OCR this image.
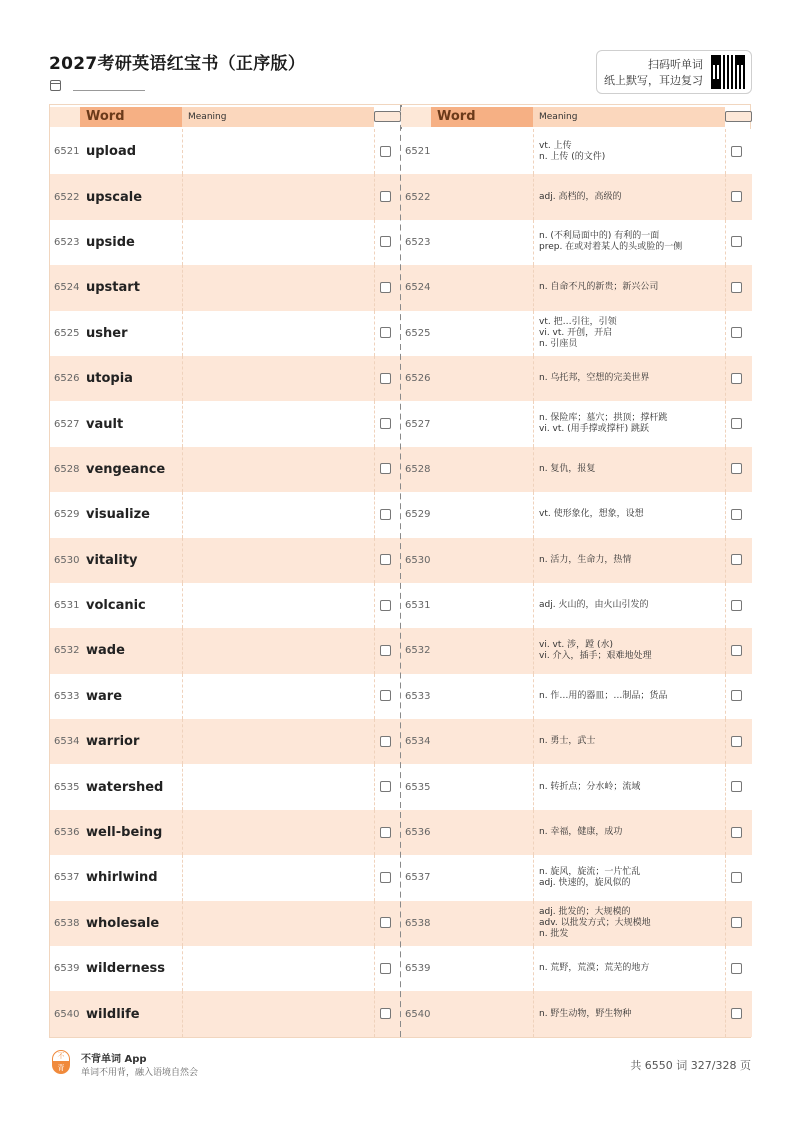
2027考研英语红宝书（正序版）	扫码听单词
纸上默写，耳边复习
Word	Meaning
6521 upload
6522 upscale
6523 upside
6524 upstart
6525 usher
6526 utopia
6527 vault
6528 vengeance
6529 visualize
6530 vitality
6531 volcanic
6532 wade
6533 ware
6534 warrior
6535 watershed
6536 well-being
6537 whirlwind
6538 wholesale
6539 wilderness
6540 wildlife
Word	Meaning
6521
vt. 上传
n. 上传 (的文件)
6522	adj. 高档的，高级的
6523
n. (不利局面中的) 有利的一面
prep. 在或对着某人的头或脸的一侧
6524	n. 自命不凡的新贵；新兴公司
6525
vt. 把…引往，引领
vi. vt. 开创，开启
n. 引座员
6526	n. 乌托邦，空想的完美世界
6527
n. 保险库；墓穴；拱顶；撑杆跳
vi. vt. (用手撑或撑杆) 跳跃
6528	n. 复仇，报复
6529	vt. 使形象化，想象，设想
6530	n. 活力，生命力，热情
6531	adj. 火山的，由火山引发的
6532
vi. vt. 涉，蹚 (水)
vi. 介入，插手；艰难地处理
6533	n. 作…用的器皿；…制品；货品
6534	n. 勇士，武士
6535	n. 转折点；分水岭；流域
6536	n. 幸福，健康，成功
6537
n. 旋风，旋流；一片忙乱
adj. 快速的，旋风似的
6538
adj. 批发的；大规模的
adv. 以批发方式；大规模地
n. 批发
6539	n. 荒野，荒漠；荒芜的地方
6540	n. 野生动物，野生物种
不
背
不背单词 App
单词不用背，融入语境自然会
共 6550 词 327/328 页
